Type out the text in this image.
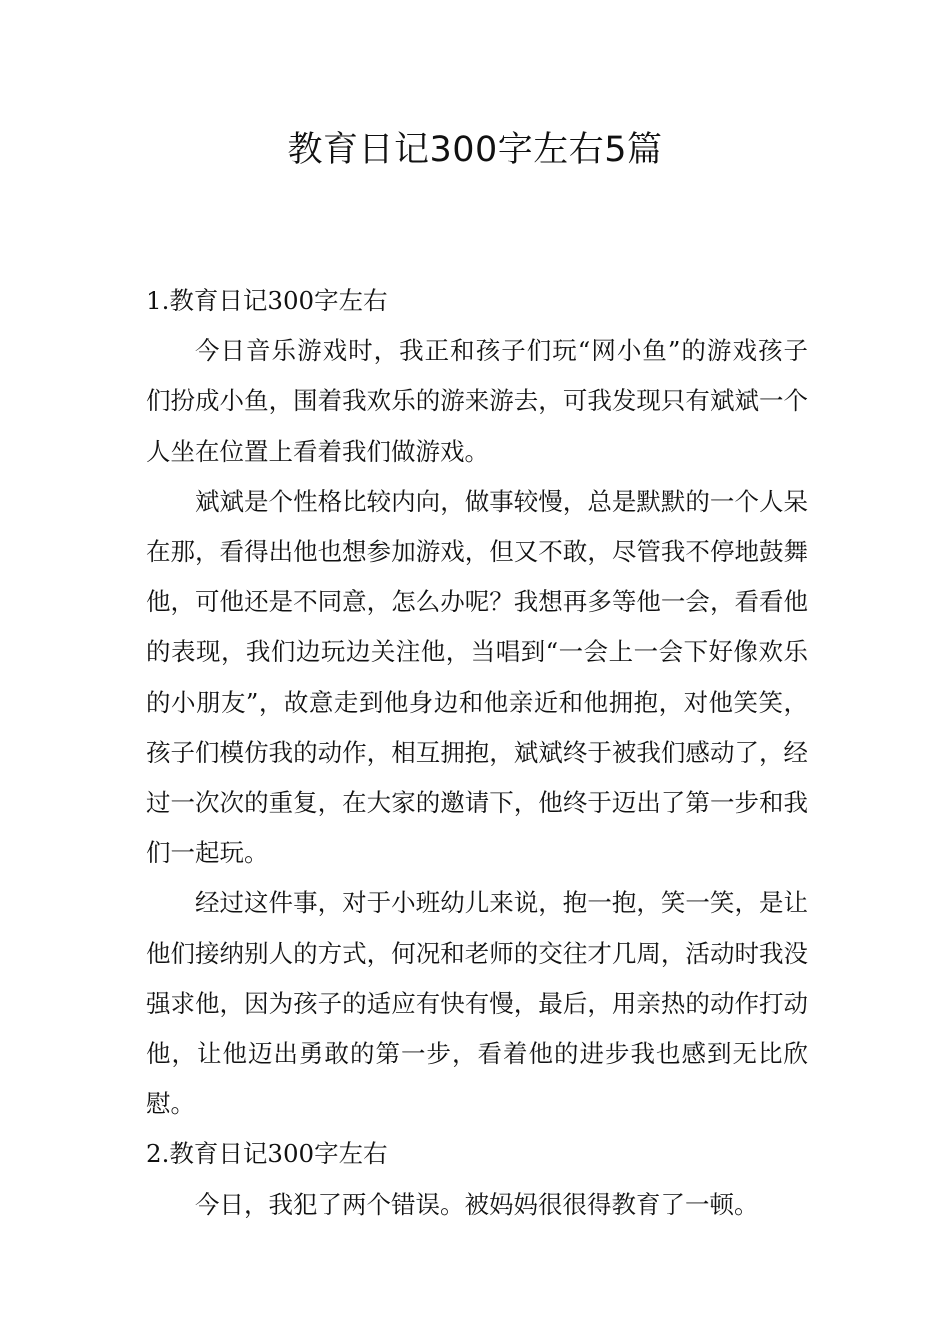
教育日记300字左右5篇

1.教育日记300字左右

今日音乐游戏时，我正和孩子们玩“网小鱼”的游戏孩子们扮成小鱼，围着我欢乐的游来游去，可我发现只有斌斌一个人坐在位置上看着我们做游戏。

斌斌是个性格比较内向，做事较慢，总是默默的一个人呆在那，看得出他也想参加游戏，但又不敢，尽管我不停地鼓舞他，可他还是不同意，怎么办呢？我想再多等他一会，看看他的表现，我们边玩边关注他，当唱到“一会上一会下好像欢乐的小朋友”，故意走到他身边和他亲近和他拥抱，对他笑笑，孩子们模仿我的动作，相互拥抱，斌斌终于被我们感动了，经过一次次的重复，在大家的邀请下，他终于迈出了第一步和我们一起玩。

经过这件事，对于小班幼儿来说，抱一抱，笑一笑，是让他们接纳别人的方式，何况和老师的交往才几周，活动时我没强求他，因为孩子的适应有快有慢，最后，用亲热的动作打动他，让他迈出勇敢的第一步，看着他的进步我也感到无比欣慰。

2.教育日记300字左右

今日，我犯了两个错误。被妈妈很很得教育了一顿。
